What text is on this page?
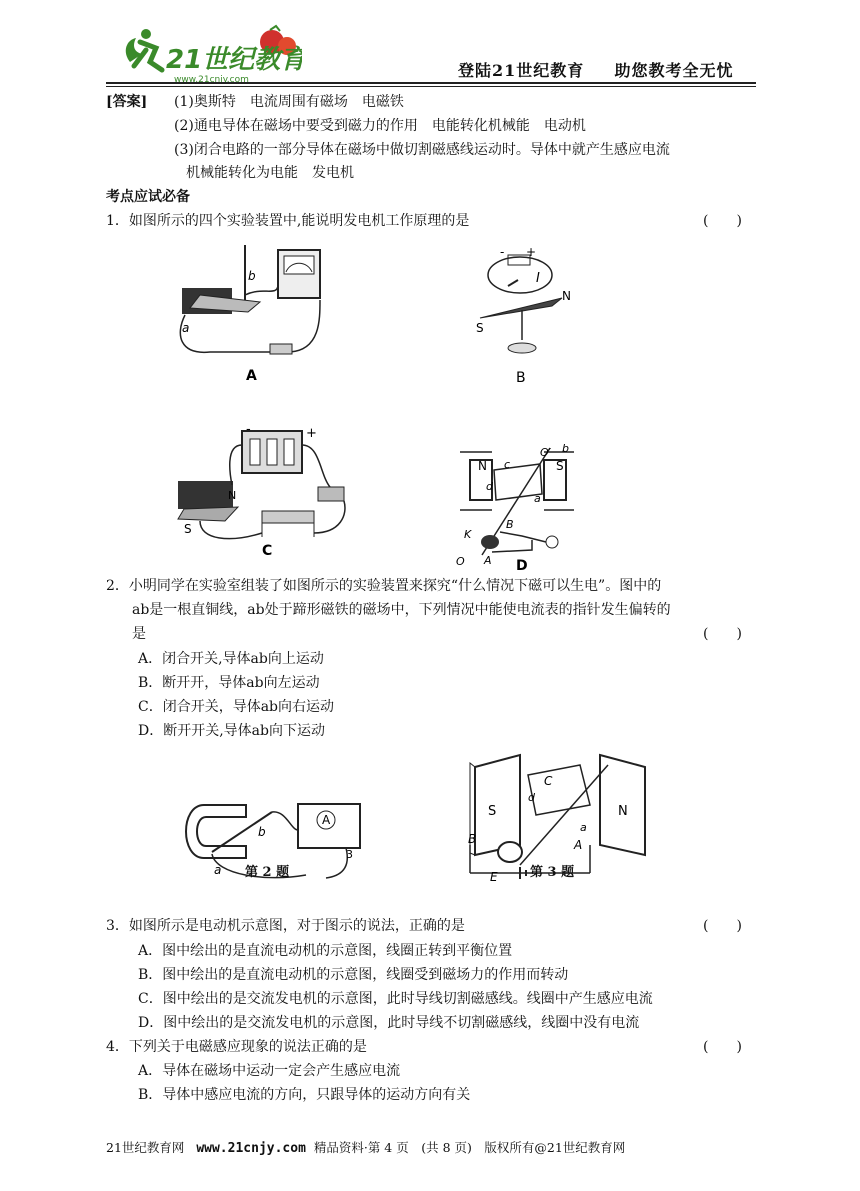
21世纪教育
www.21cnjy.com	登陆21世纪教育　 助您教考全无忧
[答案] (1)奥斯特　电流周围有磁场　电磁铁
(2)通电导体在磁场中要受到磁力的作用　电能转化机械能　电动机
(3)闭合电路的一部分导体在磁场中做切割磁感线运动时。导体中就产生感应电流
机械能转化为电能　发电机
考点应试必备
1．如图所示的四个实验装置中,能说明发电机工作原理的是	(　　)
a
b
A
+
-
I
N
S
B
-	+
N
S
C
N	S
c
O′ b
d
a
K
B
A
O	D
2．小明同学在实验室组装了如图所示的实验装置来探究“什么情况下磁可以生电”。图中的
ab是一根直铜线，ab处于蹄形磁铁的磁场中，下列情况中能使电流表的指针发生偏转的
是	(　　)
A．闭合开关,导体ab向上运动
B．断开开，导体ab向左运动
C．闭合开关，导体ab向右运动
D．断开开关,导体ab向下运动
a
b
A
3
第 2 题
S	N
C
d
a
B	A
E 第 3 题
3．如图所示是电动机示意图，对于图示的说法，正确的是	(　　)
A．图中绘出的是直流电动机的示意图，线圈正转到平衡位置
B．图中绘出的是直流电动机的示意图，线圈受到磁场力的作用而转动
C．图中绘出的是交流发电机的示意图，此时导线切割磁感线。线圈中产生感应电流
D．图中绘出的是交流发电机的示意图，此时导线不切割磁感线，线圈中没有电流
4．下列关于电磁感应现象的说法正确的是	(　　)
A．导体在磁场中运动一定会产生感应电流
B．导体中感应电流的方向，只跟导体的运动方向有关
21世纪教育网 www.21cnjy.com 精品资料·第 4 页　(共 8 页)　版权所有@21世纪教育网
